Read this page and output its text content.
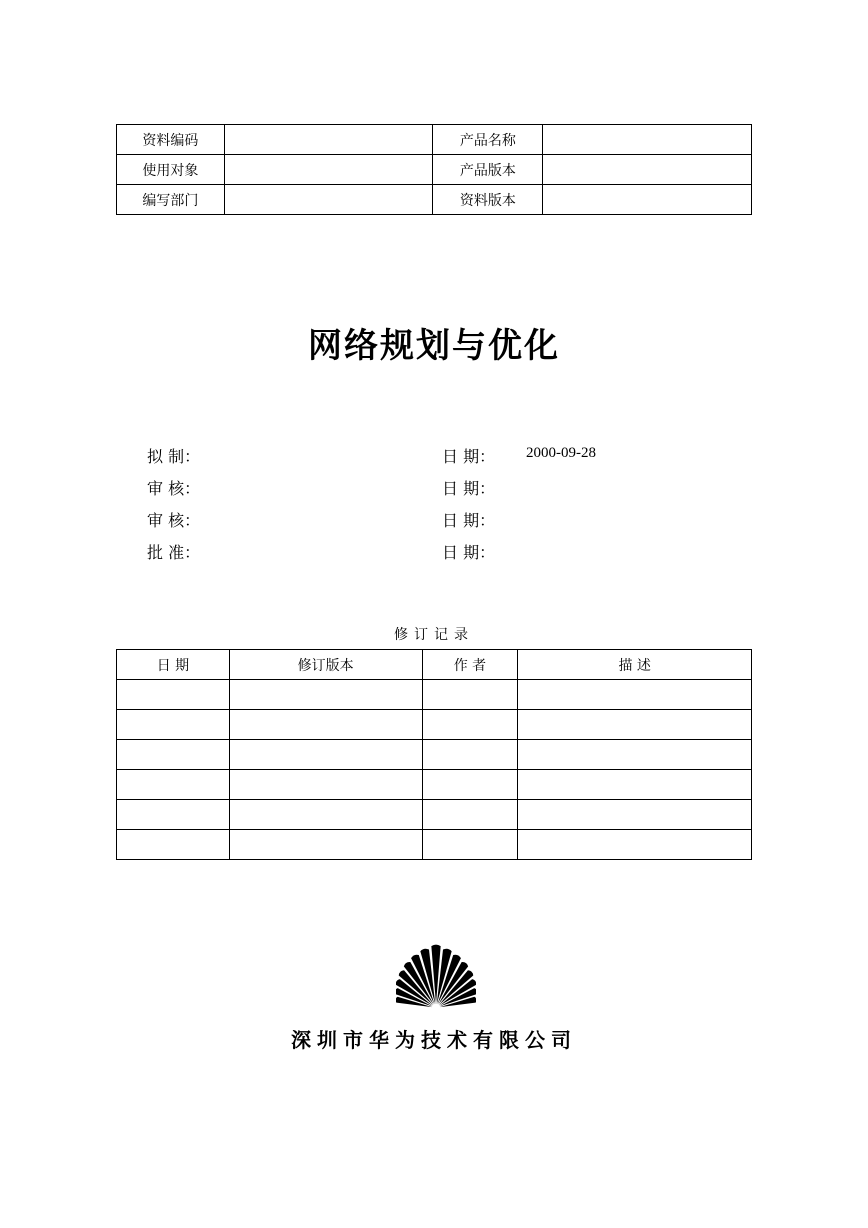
资料编码		产品名称	
使用对象		产品版本	
编写部门		资料版本	
网络规划与优化
拟 制：	日 期： 2000-09-28
审 核：	日 期：
审 核：	日 期：
批 准：	日 期：
修订记录
日 期	修订版本	作 者	描 述

深圳市华为技术有限公司
